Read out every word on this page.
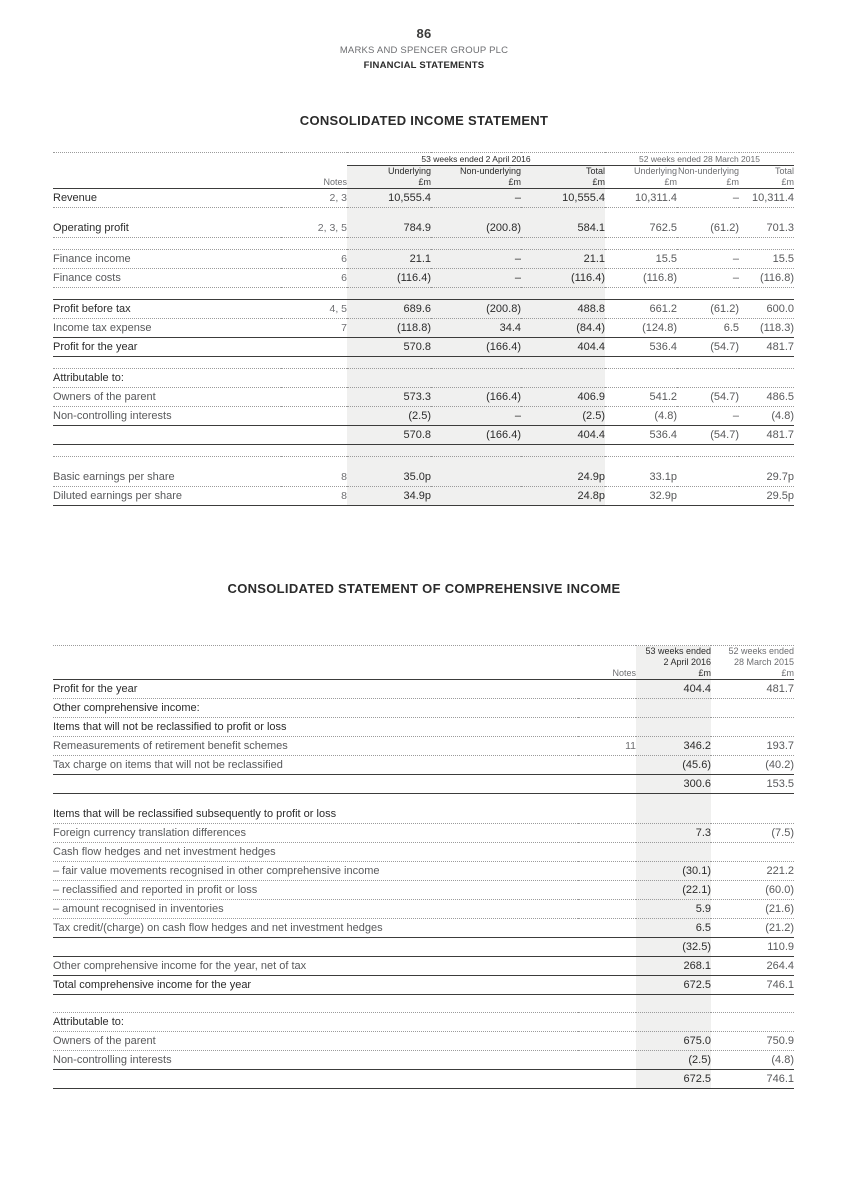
86
MARKS AND SPENCER GROUP PLC
FINANCIAL STATEMENTS
CONSOLIDATED INCOME STATEMENT

		53 weeks ended 2 April 2016			52 weeks ended 28 March 2015		
		Underlying	Non-underlying	Total	Underlying	Non-underlying	Total
	Notes	£m	£m	£m	£m	£m	£m

Revenue	2, 3	10,555.4	–	10,555.4	10,311.4	–	10,311.4

Operating profit	2, 3, 5	784.9	(200.8)	584.1	762.5	(61.2)	701.3

Finance income	6	21.1	–	21.1	15.5	–	15.5
Finance costs	6	(116.4)	–	(116.4)	(116.8)	–	(116.8)

Profit before tax	4, 5	689.6	(200.8)	488.8	661.2	(61.2)	600.0
Income tax expense	7	(118.8)	34.4	(84.4)	(124.8)	6.5	(118.3)
Profit for the year		570.8	(166.4)	404.4	536.4	(54.7)	481.7

Attributable to:							
Owners of the parent		573.3	(166.4)	406.9	541.2	(54.7)	486.5
Non-controlling interests		(2.5)	–	(2.5)	(4.8)	–	(4.8)
		570.8	(166.4)	404.4	536.4	(54.7)	481.7

Basic earnings per share	8	35.0p		24.9p	33.1p		29.7p
Diluted earnings per share	8	34.9p		24.8p	32.9p		29.5p
CONSOLIDATED STATEMENT OF COMPREHENSIVE INCOME

		53 weeks ended	52 weeks ended
		2 April 2016	28 March 2015
	Notes	£m	£m

Profit for the year		404.4	481.7
Other comprehensive income:			
Items that will not be reclassified to profit or loss			
Remeasurements of retirement benefit schemes	11	346.2	193.7
Tax charge on items that will not be reclassified		(45.6)	(40.2)
		300.6	153.5

Items that will be reclassified subsequently to profit or loss			
Foreign currency translation differences		7.3	(7.5)
Cash flow hedges and net investment hedges			
– fair value movements recognised in other comprehensive income		(30.1)	221.2
– reclassified and reported in profit or loss		(22.1)	(60.0)
– amount recognised in inventories		5.9	(21.6)
Tax credit/(charge) on cash flow hedges and net investment hedges		6.5	(21.2)
		(32.5)	110.9
Other comprehensive income for the year, net of tax		268.1	264.4
Total comprehensive income for the year		672.5	746.1

Attributable to:			
Owners of the parent		675.0	750.9
Non-controlling interests		(2.5)	(4.8)
		672.5	746.1
